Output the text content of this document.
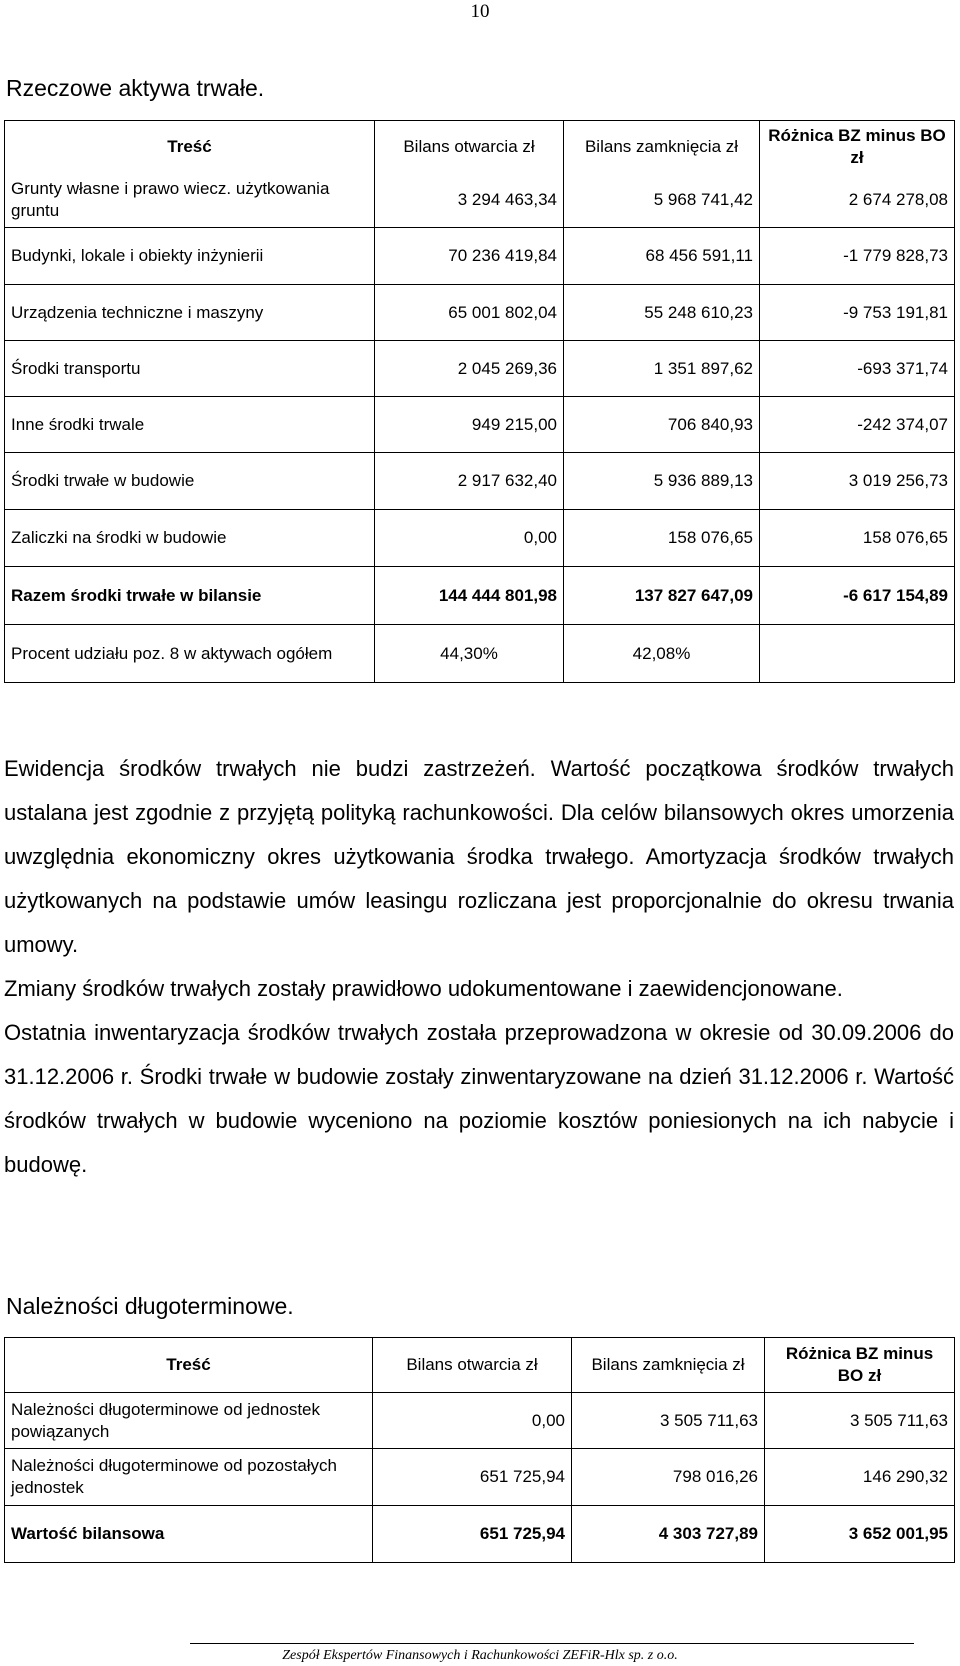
10
Rzeczowe aktywa trwałe.
Treść	Bilans otwarcia zł	Bilans zamknięcia zł	Różnica BZ minus BO zł
Grunty własne i prawo wiecz. użytkowania gruntu	3 294 463,34	5 968 741,42	2 674 278,08
Budynki, lokale i obiekty inżynierii	70 236 419,84	68 456 591,11	-1 779 828,73
Urządzenia techniczne i maszyny	65 001 802,04	55 248 610,23	-9 753 191,81
Środki transportu	2 045 269,36	1 351 897,62	-693 371,74
Inne środki trwale	949 215,00	706 840,93	-242 374,07
Środki trwałe w budowie	2 917 632,40	5 936 889,13	3 019 256,73
Zaliczki na środki w budowie	0,00	158 076,65	158 076,65
Razem środki trwałe w bilansie	144 444 801,98	137 827 647,09	-6 617 154,89
Procent udziału poz. 8 w aktywach ogółem	44,30%	42,08%	

Ewidencja środków trwałych nie budzi zastrzeżeń. Wartość początkowa środków trwałych ustalana jest zgodnie z przyjętą polityką rachunkowości. Dla celów bilansowych okres umorzenia uwzględnia ekonomiczny okres użytkowania środka trwałego. Amortyzacja środków trwałych użytkowanych na podstawie umów leasingu rozliczana jest proporcjonalnie do okresu trwania umowy.

Zmiany środków trwałych zostały prawidłowo udokumentowane i zaewidencjonowane.

Ostatnia inwentaryzacja środków trwałych została przeprowadzona w okresie od 30.09.2006 do 31.12.2006 r. Środki trwałe w budowie zostały zinwentaryzowane na dzień 31.12.2006 r. Wartość środków trwałych w budowie wyceniono na poziomie kosztów poniesionych na ich nabycie i budowę.

Należności długoterminowe.
Treść	Bilans otwarcia zł	Bilans zamknięcia zł	Różnica BZ minus BO zł
Należności długoterminowe od jednostek powiązanych	0,00	3 505 711,63	3 505 711,63
Należności długoterminowe od pozostałych jednostek	651 725,94	798 016,26	146 290,32
Wartość bilansowa	651 725,94	4 303 727,89	3 652 001,95
Zespół Ekspertów Finansowych i Rachunkowości ZEFiR-Hlx sp. z o.o.
